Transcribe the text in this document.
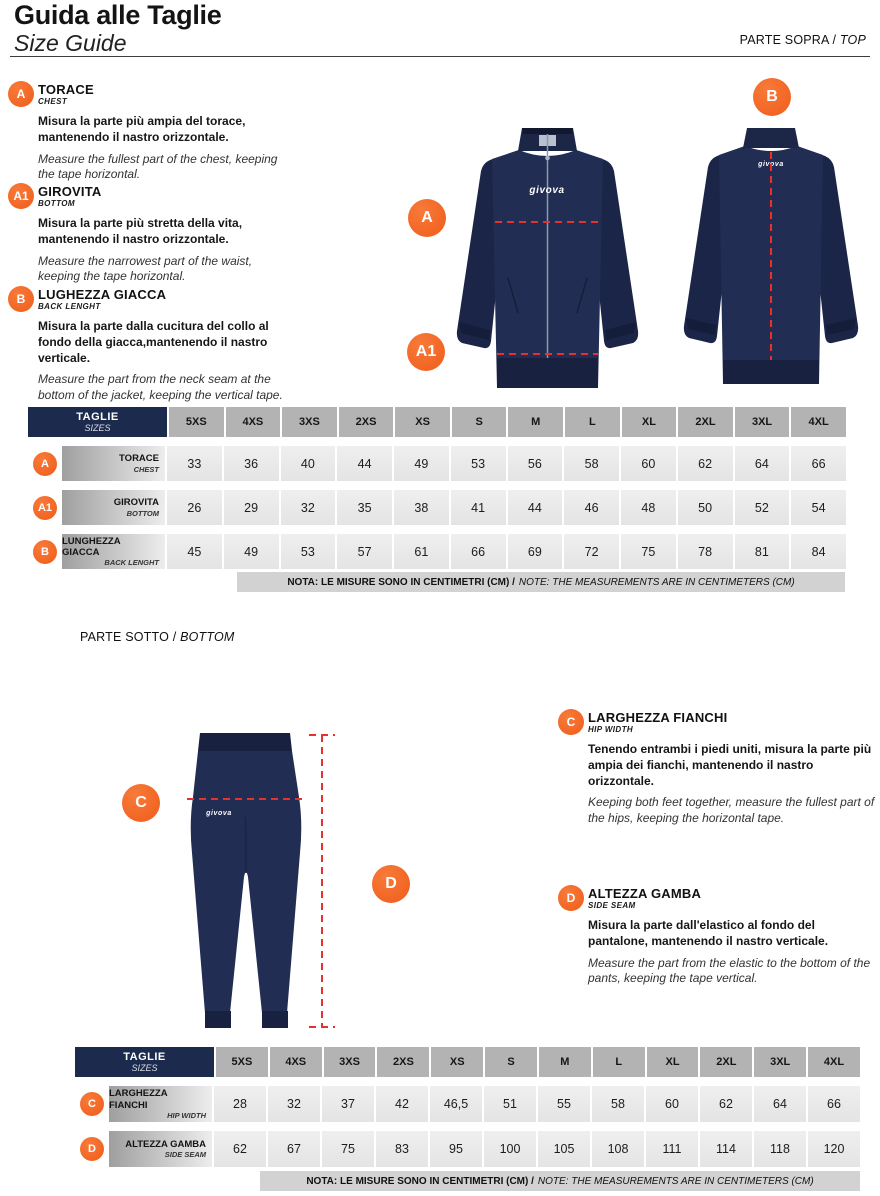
Guida alle Taglie
Size Guide	PARTE SOPRA / TOP
A TORACE
CHEST

Misura la parte più ampia del torace, mantenendo il nastro orizzontale.

Measure the fullest part of the chest, keeping the tape horizontal.

A1 GIROVITA
BOTTOM

Misura la parte più stretta della vita, mantenendo il nastro orizzontale.

Measure the narrowest part of the waist, keeping the tape horizontal.

B LUGHEZZA GIACCA
BACK LENGHT

Misura la parte dalla cucitura del collo al fondo della giacca,mantenendo il nastro verticale.

Measure the part from the neck seam at the bottom of the jacket, keeping the vertical tape.

givova
givova
A
A1
B
TAGLIE
SIZES
5XS	4XS	3XS	2XS	XS	S	M	L	XL	2XL	3XL	4XL
A	TORACE
CHEST	33	36	40	44	49	53	56	58	60	62	64	66
A1	GIROVITA
BOTTOM	26	29	32	35	38	41	44	46	48	50	52	54
B
LUNGHEZZA GIACCA
BACK LENGHT
45	49	53	57	61	66	69	72	75	78	81	84
NOTA: LE MISURE SONO IN CENTIMETRI (CM) / NOTE: THE MEASUREMENTS ARE IN CENTIMETERS (CM)
PARTE SOTTO / BOTTOM
givova
C
D
C LARGHEZZA FIANCHI
HIP WIDTH

Tenendo entrambi i piedi uniti, misura la parte più ampia dei fianchi, mantenendo il nastro orizzontale.

Keeping both feet together, measure the fullest part of the hips, keeping the horizontal tape.

D ALTEZZA GAMBA
SIDE SEAM

Misura la parte dall'elastico al fondo del pantalone, mantenendo il nastro verticale.

Measure the part from the elastic to the bottom of the pants, keeping the tape vertical.

TAGLIE
SIZES
5XS	4XS	3XS	2XS	XS	S	M	L	XL	2XL	3XL	4XL
C
LARGHEZZA FIANCHI
HIP WIDTH
28	32	37	42	46,5	51	55	58	60	62	64	66
D	ALTEZZA GAMBA
SIDE SEAM	62	67	75	83	95	100	105	108	111	114	118	120
NOTA: LE MISURE SONO IN CENTIMETRI (CM) / NOTE: THE MEASUREMENTS ARE IN CENTIMETERS (CM)
